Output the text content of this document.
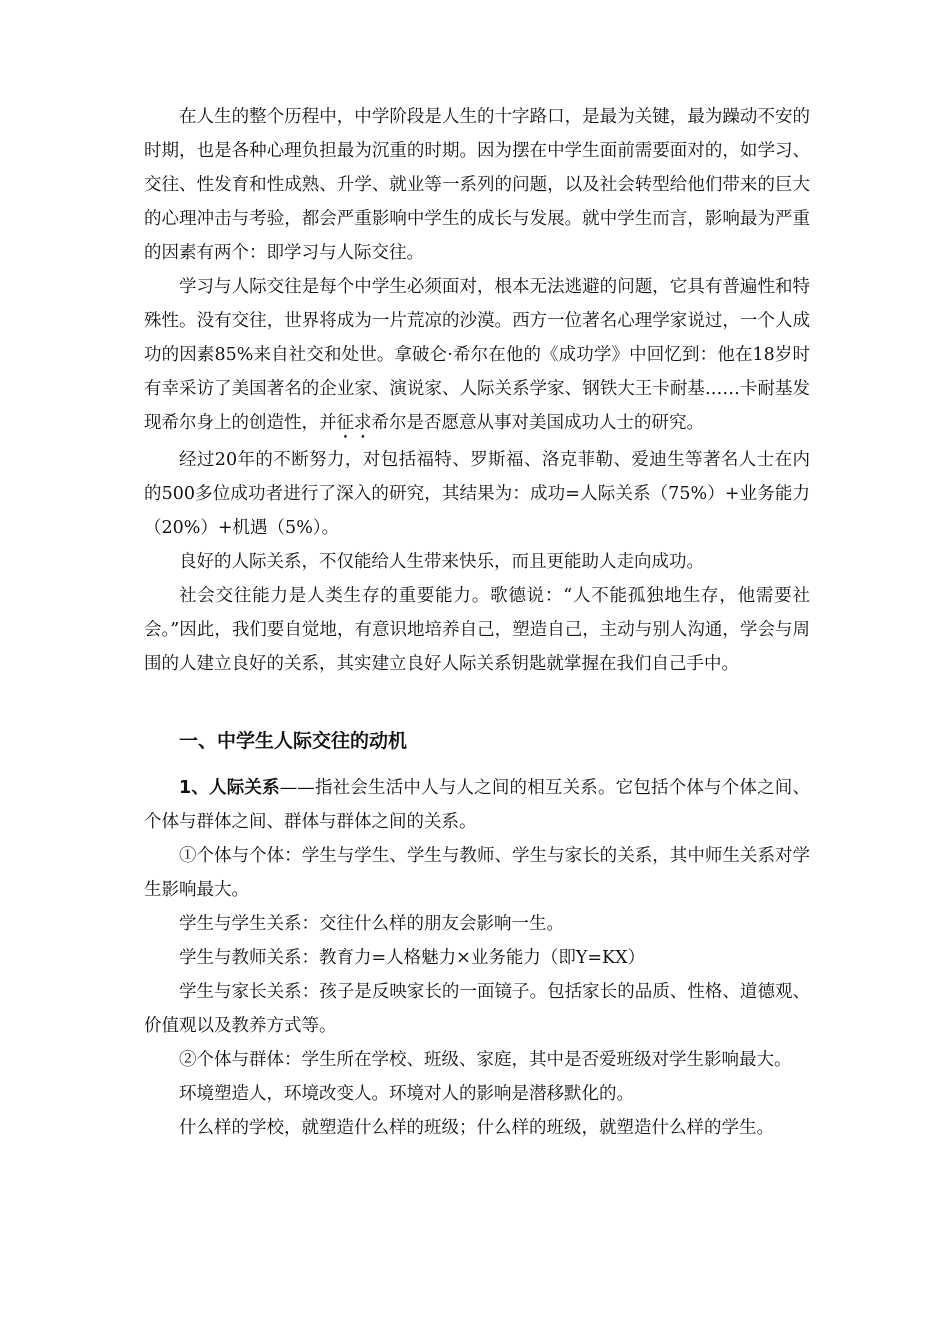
在人生的整个历程中，中学阶段是人生的十字路口，是最为关键，最为躁动不安的时期，也是各种心理负担最为沉重的时期。因为摆在中学生面前需要面对的，如学习、交往、性发育和性成熟、升学、就业等一系列的问题，以及社会转型给他们带来的巨大的心理冲击与考验，都会严重影响中学生的成长与发展。就中学生而言，影响最为严重的因素有两个：即学习与人际交往。

学习与人际交往是每个中学生必须面对，根本无法逃避的问题，它具有普遍性和特殊性。没有交往，世界将成为一片荒凉的沙漠。西方一位著名心理学家说过，一个人成功的因素85%来自社交和处世。拿破仑·希尔在他的《成功学》中回忆到：他在18岁时有幸采访了美国著名的企业家、演说家、人际关系学家、钢铁大王卡耐基……卡耐基发现希尔身上的创造性，并征求希尔是否愿意从事对美国成功人士的研究。

经过20年的不断努力，对包括福特、罗斯福、洛克菲勒、爱迪生等著名人士在内的500多位成功者进行了深入的研究，其结果为：成功=人际关系（75%）+业务能力（20%）+机遇（5%）。

良好的人际关系，不仅能给人生带来快乐，而且更能助人走向成功。

社会交往能力是人类生存的重要能力。歌德说：“人不能孤独地生存，他需要社会。”因此，我们要自觉地，有意识地培养自己，塑造自己，主动与别人沟通，学会与周围的人建立良好的关系，其实建立良好人际关系钥匙就掌握在我们自己手中。

一、中学生人际交往的动机

1、人际关系——指社会生活中人与人之间的相互关系。它包括个体与个体之间、个体与群体之间、群体与群体之间的关系。

①个体与个体：学生与学生、学生与教师、学生与家长的关系，其中师生关系对学生影响最大。

学生与学生关系：交往什么样的朋友会影响一生。

学生与教师关系：教育力=人格魅力×业务能力（即Y=KX）

学生与家长关系：孩子是反映家长的一面镜子。包括家长的品质、性格、道德观、价值观以及教养方式等。

②个体与群体：学生所在学校、班级、家庭，其中是否爱班级对学生影响最大。

环境塑造人，环境改变人。环境对人的影响是潜移默化的。

什么样的学校，就塑造什么样的班级；什么样的班级，就塑造什么样的学生。
